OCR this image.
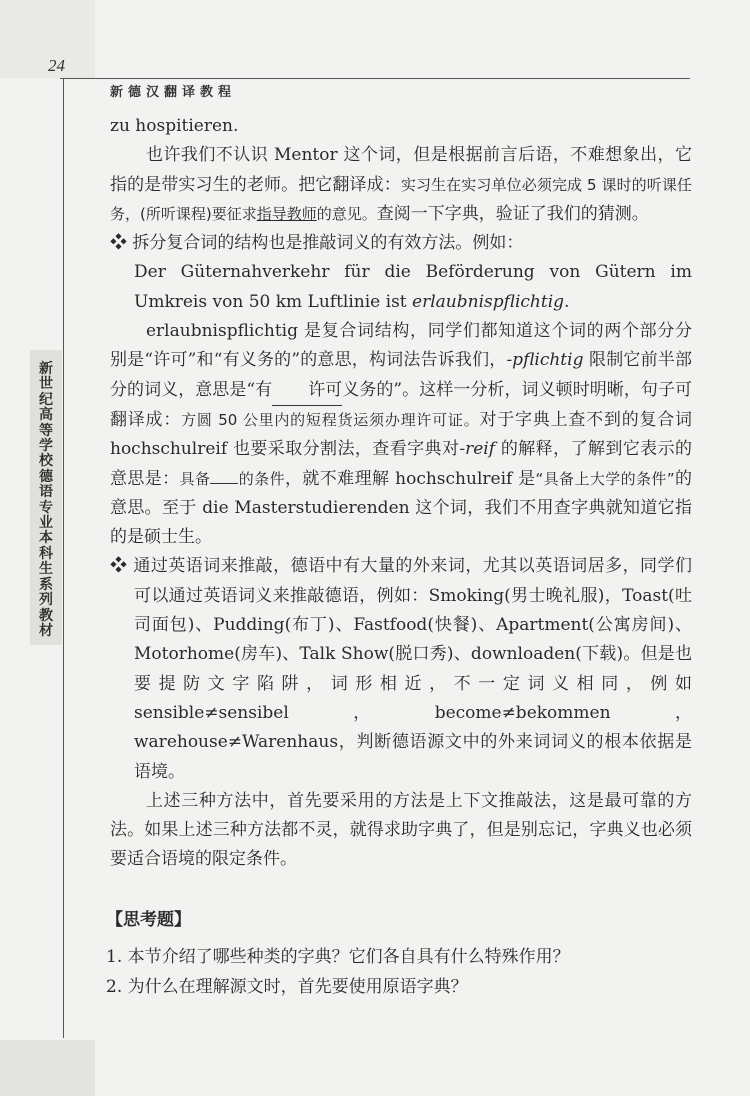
24
新德汉翻译教程
新世纪高等学校德语专业本科生系列教材

zu hospitieren.

也许我们不认识 Mentor 这个词，但是根据前言后语，不难想象出，它指的是带实习生的老师。把它翻译成：实习生在实习单位必须完成 5 课时的听课任务，(所听课程)要征求指导教师的意见。查阅一下字典，验证了我们的猜测。

❖ 拆分复合词的结构也是推敲词义的有效方法。例如：

Der Güternahverkehr für die Beförderung von Gütern im Umkreis von 50 km Luftlinie ist erlaubnispflichtig.

erlaubnispflichtig 是复合词结构，同学们都知道这个词的两个部分分别是“许可”和“有义务的”的意思，构词法告诉我们，-pflichtig 限制它前半部分的词义，意思是“有 许可义务的”。这样一分析，词义顿时明晰，句子可翻译成：方圆 50 公里内的短程货运须办理许可证。对于字典上查不到的复合词 hochschulreif 也要采取分割法，查看字典对-reif 的解释，了解到它表示的意思是：具备 的条件，就不难理解 hochschulreif 是“具备上大学的条件”的意思。至于 die Masterstudierenden 这个词，我们不用查字典就知道它指的是硕士生。

❖ 通过英语词来推敲，德语中有大量的外来词，尤其以英语词居多，同学们可以通过英语词义来推敲德语，例如：Smoking(男士晚礼服)，Toast(吐司面包)、Pudding(布丁)、Fastfood(快餐)、Apartment(公寓房间)、Motorhome(房车)、Talk Show(脱口秀)、downloaden(下载)。但是也要提防文字陷阱，词形相近，不一定词义相同，例如 sensible≠sensibel，become≠bekommen，warehouse≠Warenhaus，判断德语源文中的外来词词义的根本依据是语境。

上述三种方法中，首先要采用的方法是上下文推敲法，这是最可靠的方法。如果上述三种方法都不灵，就得求助字典了，但是别忘记，字典义也必须要适合语境的限定条件。

【思考题】
1. 本节介绍了哪些种类的字典？它们各自具有什么特殊作用？
2. 为什么在理解源文时，首先要使用原语字典？
